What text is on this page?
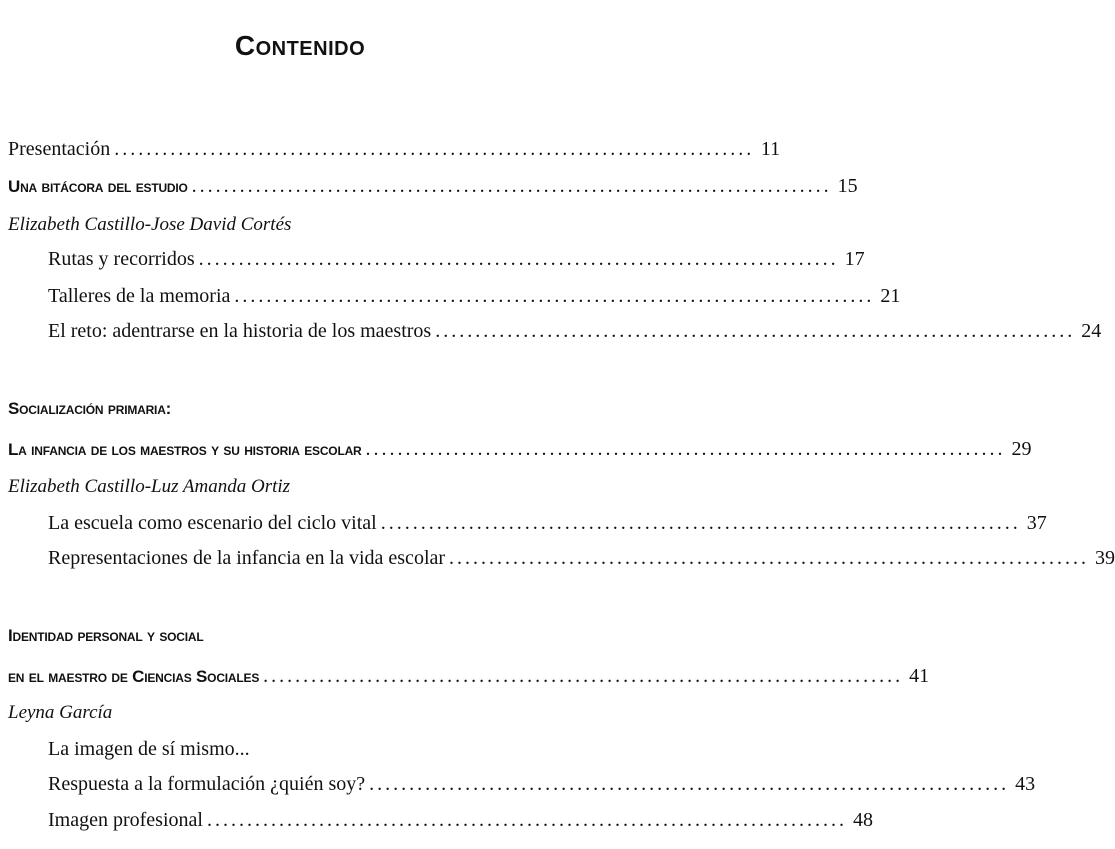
Contenido
Presentación ................................................................................ 11
Una bitácora del estudio ................................................................................ 15
Elizabeth Castillo-Jose David Cortés
Rutas y recorridos ................................................................................ 17
Talleres de la memoria ................................................................................ 21
El reto: adentrarse en la historia de los maestros ................................................................................ 24
Socialización primaria:
La infancia de los maestros y su historia escolar ................................................................................ 29
Elizabeth Castillo-Luz Amanda Ortiz
La escuela como escenario del ciclo vital ................................................................................ 37
Representaciones de la infancia en la vida escolar ................................................................................ 39
Identidad personal y social
en el maestro de Ciencias Sociales ................................................................................ 41
Leyna García
La imagen de sí mismo...
Respuesta a la formulación ¿quién soy? ................................................................................ 43
Imagen profesional ................................................................................ 48
